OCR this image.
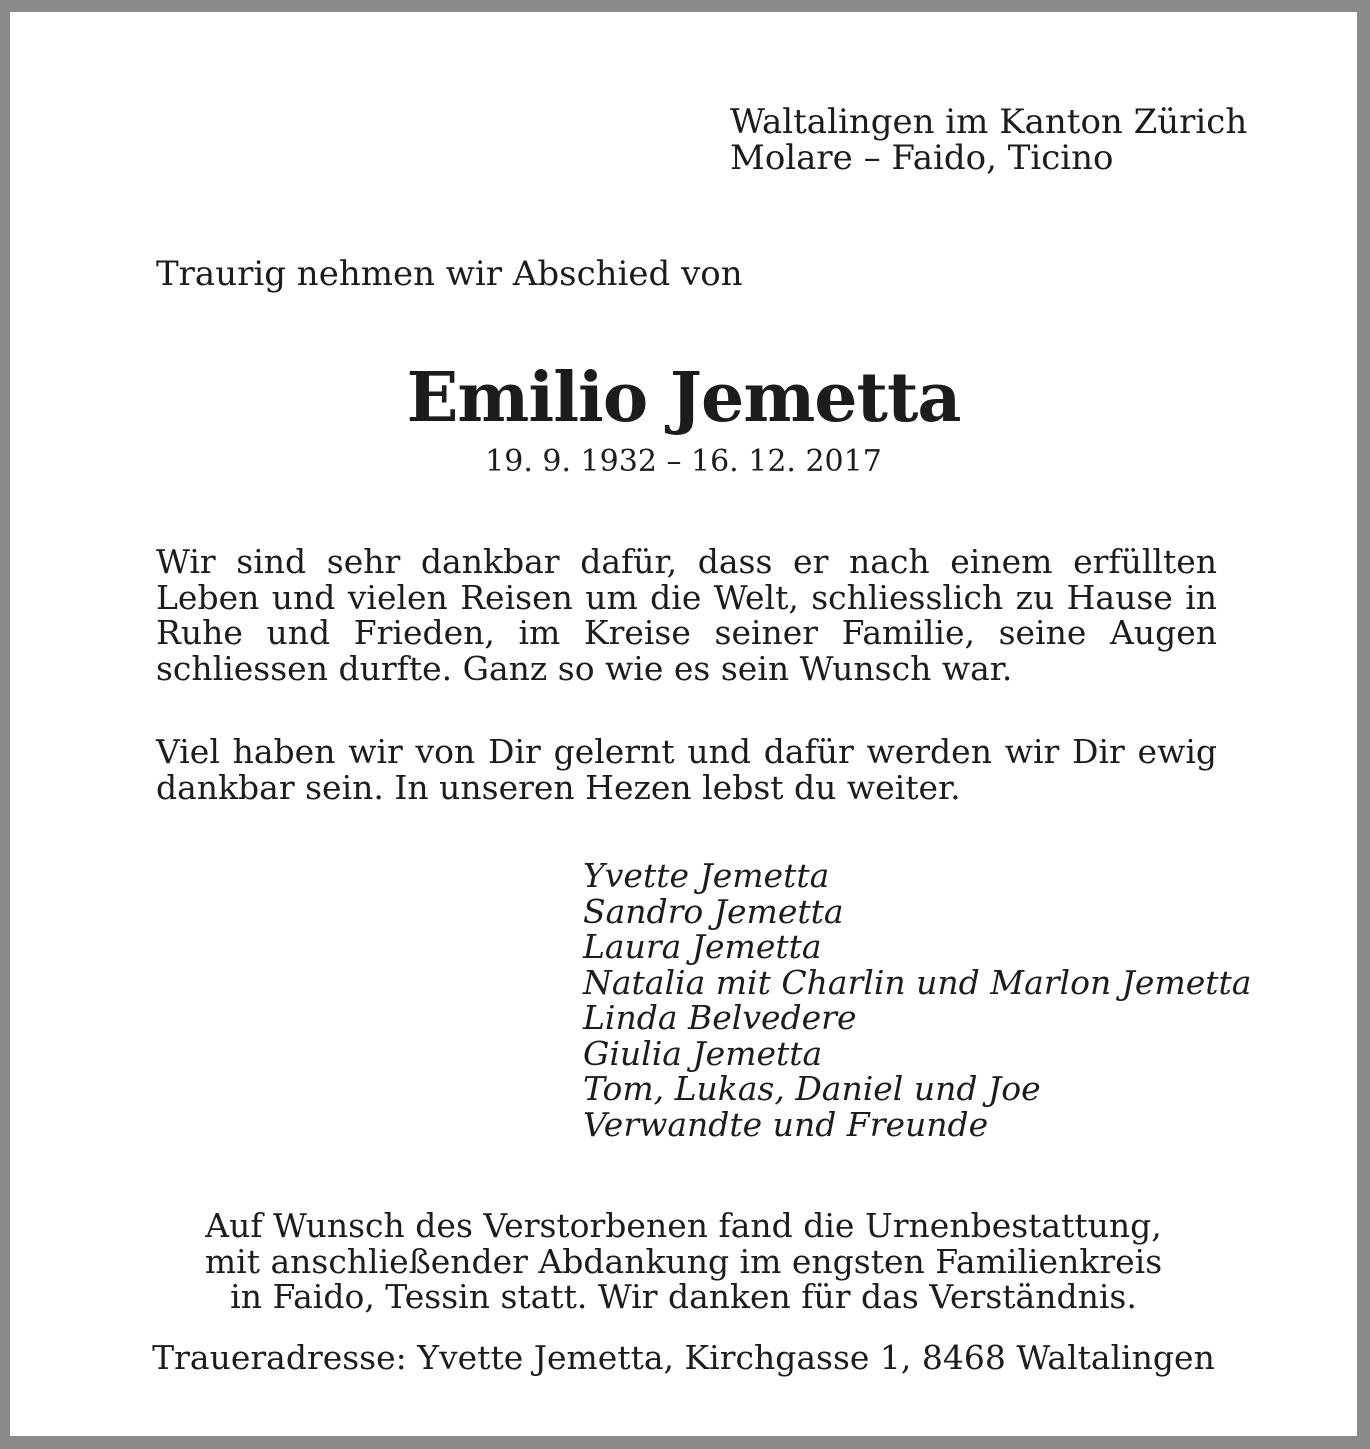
Waltalingen im Kanton Zürich
Molare – Faido, Ticino
Traurig nehmen wir Abschied von
Emilio Jemetta
19. 9. 1932 – 16. 12. 2017
Wir sind sehr dankbar dafür, dass er nach einem erfüllten Leben und vielen Reisen um die Welt, schliesslich zu Hause in Ruhe und Frieden, im Kreise seiner Familie, seine Augen schliessen durfte. Ganz so wie es sein Wunsch war.
Viel haben wir von Dir gelernt und dafür werden wir Dir ewig dankbar sein. In unseren Hezen lebst du weiter.
Yvette Jemetta
Sandro Jemetta
Laura Jemetta
Natalia mit Charlin und Marlon Jemetta
Linda Belvedere
Giulia Jemetta
Tom, Lukas, Daniel und Joe
Verwandte und Freunde
Auf Wunsch des Verstorbenen fand die Urnenbestattung,
mit anschließender Abdankung im engsten Familienkreis
in Faido, Tessin statt. Wir danken für das Verständnis.
Traueradresse: Yvette Jemetta, Kirchgasse 1, 8468 Waltalingen
